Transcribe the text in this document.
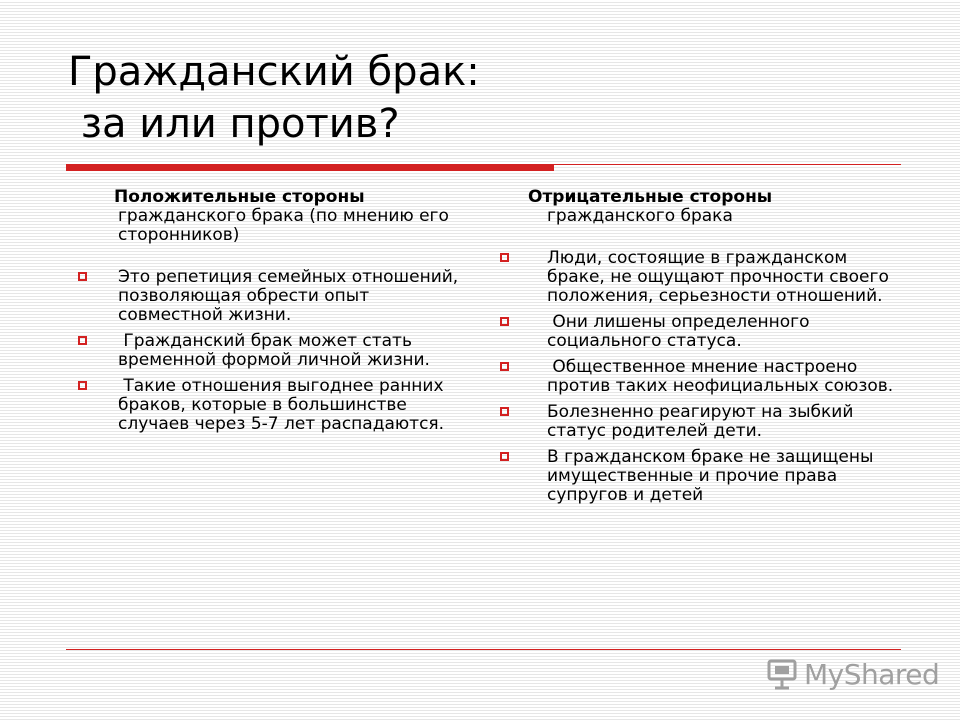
Гражданский брак:
за или против?

Положительные стороны
гражданского брака (по мнению его сторонников)

Это репетиция семейных отношений, позволяющая обрести опыт совместной жизни.
Гражданский брак может стать временной формой личной жизни.
Такие отношения выгоднее ранних браков, которые в большинстве случаев через 5-7 лет распадаются.

Отрицательные стороны
гражданского брака

Люди, состоящие в гражданском браке, не ощущают прочности своего положения, серьезности отношений.
Они лишены определенного социального статуса.
Общественное мнение настроено против таких неофициальных союзов.
Болезненно реагируют на зыбкий статус родителей дети.
В гражданском браке не защищены имущественные и прочие права супругов и детей
MyShared
